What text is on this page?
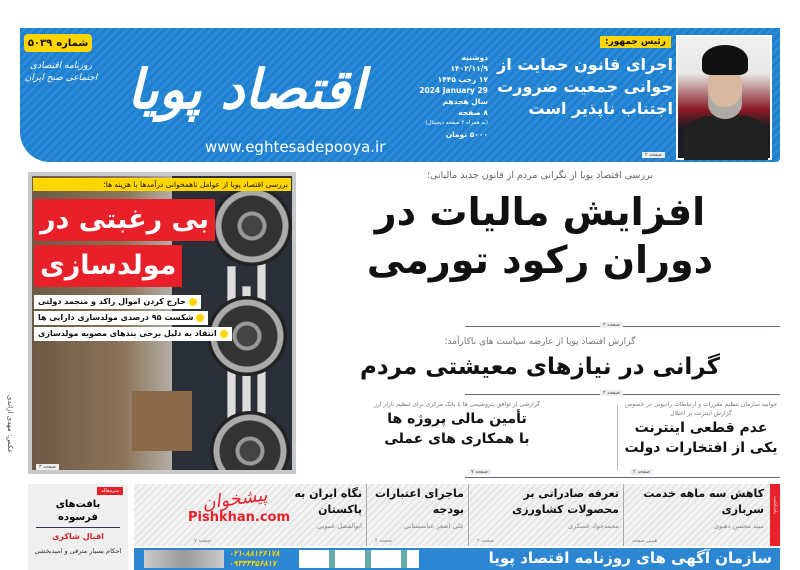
شماره
۵۰۳۹
اقتصاد پویا
روزنامه اقتصادی اجتماعی صبح ایران
www.eghtesadepooya.ir
دوشنبه
۱۴۰۲/۱۱/۹
۱۷ رجب ۱۴۴۵
2024 January 29
سال هجدهم
۸ صفحه
(به همراه ۴ صفحه دیجیتال)
۵۰۰۰ تومان
رئیس جمهور:
اجرای قانون حمایت از جوانی جمعیت ضرورت اجتناب ناپذیر است
صفحه ۲
بررسی اقتصاد پویا از نگرانی مردم از قانون جدید مالیاتی؛
افزایش مالیات در
دوران رکود تورمی
صفحه ۲
گزارش اقتصاد پویا از عارضه سیاست های ناکارآمد؛
گرانی در نیازهای معیشتی مردم
صفحه ۲
جوابیه سازمان تنظیم مقررات و ارتباطات رادیویی در خصوص گزارش اینترنت پر اختلال
عدم قطعی اینترنت
یکی از افتخارات دولت
صفحه ۲
گزارشی از توافق پتروشیمی ها با بانک مرکزی برای تنظیم بازار ارز
تأمین مالی پروژه ها
با همکاری های عملی
صفحه ۷
بررسی اقتصاد پویا از عوامل ناهمخوانی درآمدها با هزینه ها؛
بی رغبتی در
مولدسازی
خارج کردن اموال راکد و منجمد دولتی
شکست ۹۵ درصدی مولدسازی دارایی ها
انتقاد به دلیل برخی بندهای مصوبه مولدسازی
صفحه ۳
عکس: مهدی ازاندی
سرمقاله
بافت‌های فرسوده
اقبال شاکری
احکام بسیار مترقی و امیدبخشی
کاهش سه ماهه خدمت سربازی
سید محسن دهنوی
همین صفحه
تعرفه صادراتی بر محصولات کشاورزی
محمدجواد عسکری
صفحه ۲
ماجرای اعتبارات بودجه
علی اصغر عباسستانی
صفحه ۴
نگاه ایران به پاکستان
ابوالفضل عمویی
صفحه ۷
یادداشت
پیشخوان
Pishkhan.com
۰۲۱-۸۸۱۲۶۱۷۸
۰۹۳۳۴۴۵۶۸۱۷	سازمان آگهی های روزنامه اقتصاد پویا
